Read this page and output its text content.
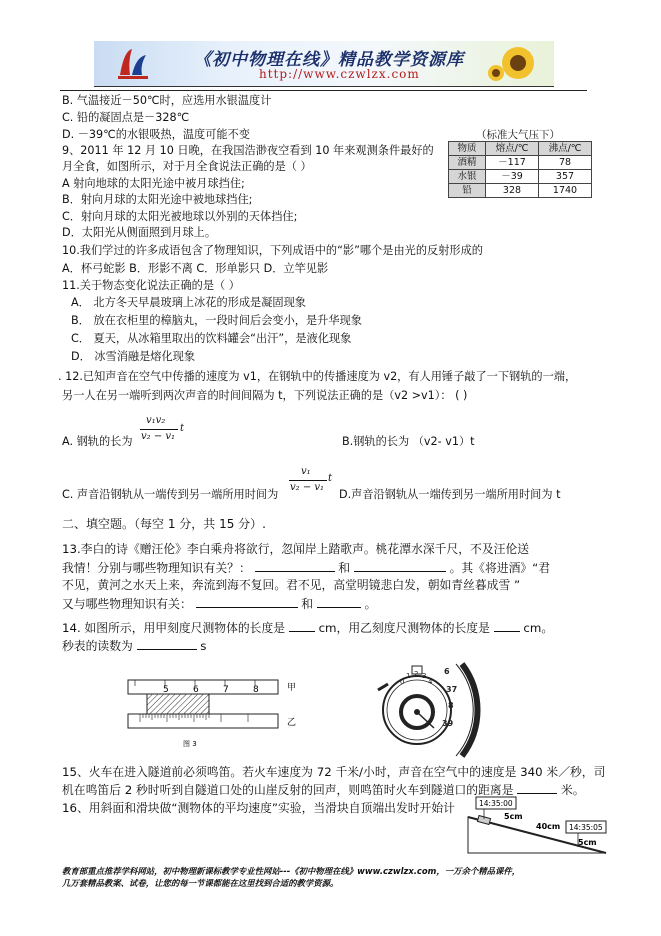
《初中物理在线》精品教学资源库
http://www.czwlzx.com
B. 气温接近－50℃时，应选用水银温度计
C. 铅的凝固点是－328℃
D. －39℃的水银吸热，温度可能不变	（标准大气压下）
物质	熔点/℃	沸点/℃
酒精	－117	78
水银	－39	357
铅	328	1740
9、2011 年 12 月 10 日晚，在我国浩渺夜空看到 10 年来观测条件最好的
月全食，如图所示，对于月全食说法正确的是（ ）
A 射向地球的太阳光途中被月球挡住;
B．射向月球的太阳光途中被地球挡住;
C．射向月球的太阳光被地球以外别的天体挡住;
D．太阳光从侧面照到月球上。
10.我们学过的许多成语包含了物理知识，下列成语中的“影”哪个是由光的反射形成的
A．杯弓蛇影 B．形影不离 C．形单影只 D．立竿见影
11.关于物态变化说法正确的是（ ）
A． 北方冬天早晨玻璃上冰花的形成是凝固现象
B． 放在衣柜里的樟脑丸，一段时间后会变小，是升华现象
C． 夏天，从冰箱里取出的饮料罐会“出汗”，是液化现象
D． 冰雪消融是熔化现象
. 12.已知声音在空气中传播的速度为 v1，在钢轨中的传播速度为 v2，有人用锤子敲了一下钢轨的一端，
另一人在另一端听到两次声音的时间间隔为 t，下列说法正确的是（v2 >v1）： ( )
A. 钢轨的长为
v₁v₂
v₂ − v₁
t
B.钢轨的长为 （v2- v1）t
C. 声音沿钢轨从一端传到另一端所用时间为
v₁
v₂ − v₁
t
D.声音沿钢轨从一端传到另一端所用时间为 t
二、填空题。（每空 1 分，共 15 分）.
13.李白的诗《赠汪伦》李白乘舟将欲行，忽闻岸上踏歌声。桃花潭水深千尺，不及汪伦送
我情！分别与哪些物理知识有关？：	和	。其《将进酒》“君
不见，黄河之水天上来，奔流到海不复回。君不见，高堂明镜悲白发，朝如青丝暮成雪 ”
又与哪些物理知识有关：	和	。
14. 如图所示，用甲刻度尺测物体的长度是	cm，用乙刻度尺测物体的长度是	cm。
秒表的读数为	s
5	6	7	8	甲
乙
图 3
0
1 2 3
4
6
37
8
39
15、火车在进入隧道前必须鸣笛。若火车速度为 72 千米/小时，声音在空气中的速度是 340 米／秒，司
机在鸣笛后 2 秒时听到自隧道口处的山崖反射的回声，则鸣笛时火车到隧道口的距离是	米。
16、用斜面和滑块做“测物体的平均速度”实验，当滑块自顶端出发时开始计	14:35:00
14:35:05
5cm
40cm
5cm
教育部重点推荐学科网站，初中物理新课标教学专业性网站---《初中物理在线》www.czwlzx.com，一万余个精品课件，
几万套精品教案、试卷，让您的每一节课都能在这里找到合适的教学资源。
